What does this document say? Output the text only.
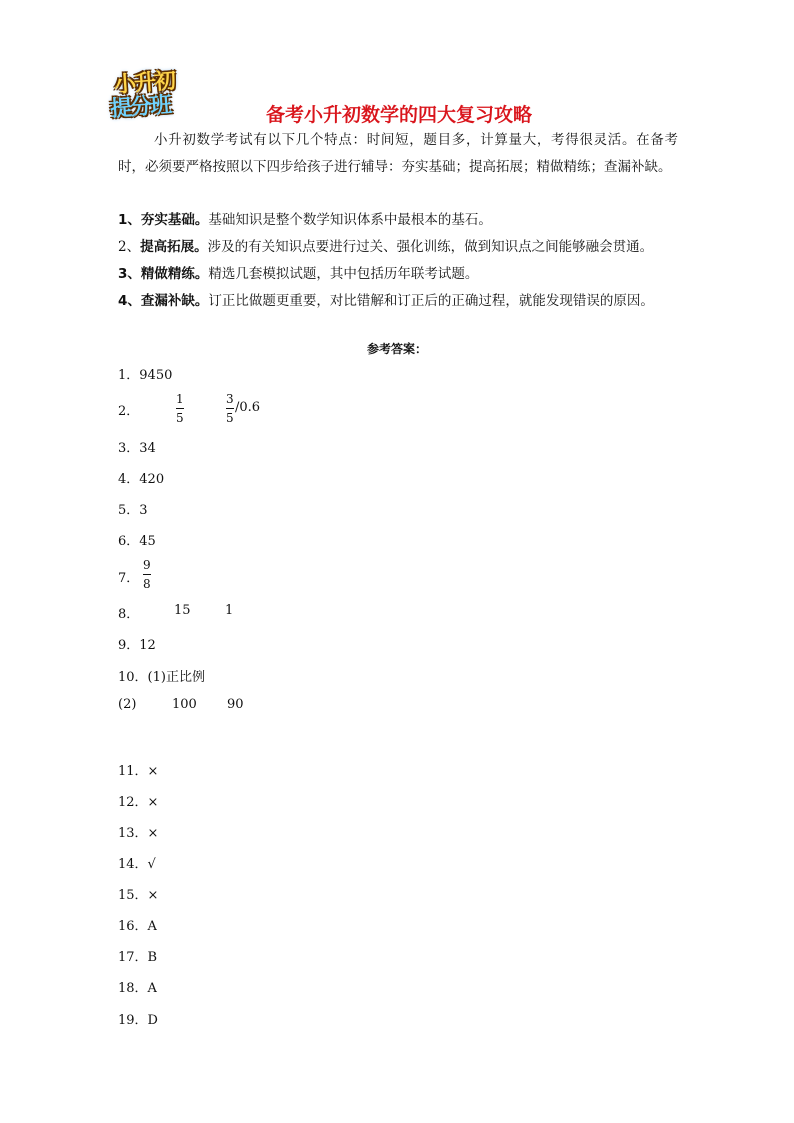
小升初
提分班	备考小升初数学的四大复习攻略
小升初数学考试有以下几个特点：时间短，题目多，计算量大，考得很灵活。在备考时，必须要严格按照以下四步给孩子进行辅导：夯实基础；提高拓展；精做精练；查漏补缺。
1、夯实基础。基础知识是整个数学知识体系中最根本的基石。
2、提高拓展。涉及的有关知识点要进行过关、强化训练，做到知识点之间能够融会贯通。
3、精做精练。精选几套模拟试题，其中包括历年联考试题。
4、查漏补缺。订正比做题更重要，对比错解和订正后的正确过程，就能发现错误的原因。
参考答案：
1．9450
2．
1
5
3
5
/0.6
3．34
4．420
5．3
6．45
7．
9
8
8．	15	1
9．12
10．(1)正比例
(2)	100 90
11．×
12．×
13．×
14．√
15．×
16．A
17．B
18．A
19．D
